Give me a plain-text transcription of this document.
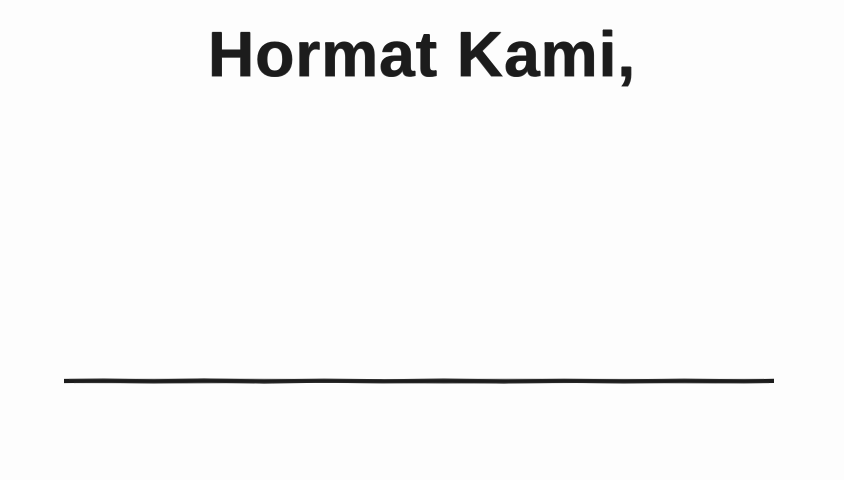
Hormat Kami,
